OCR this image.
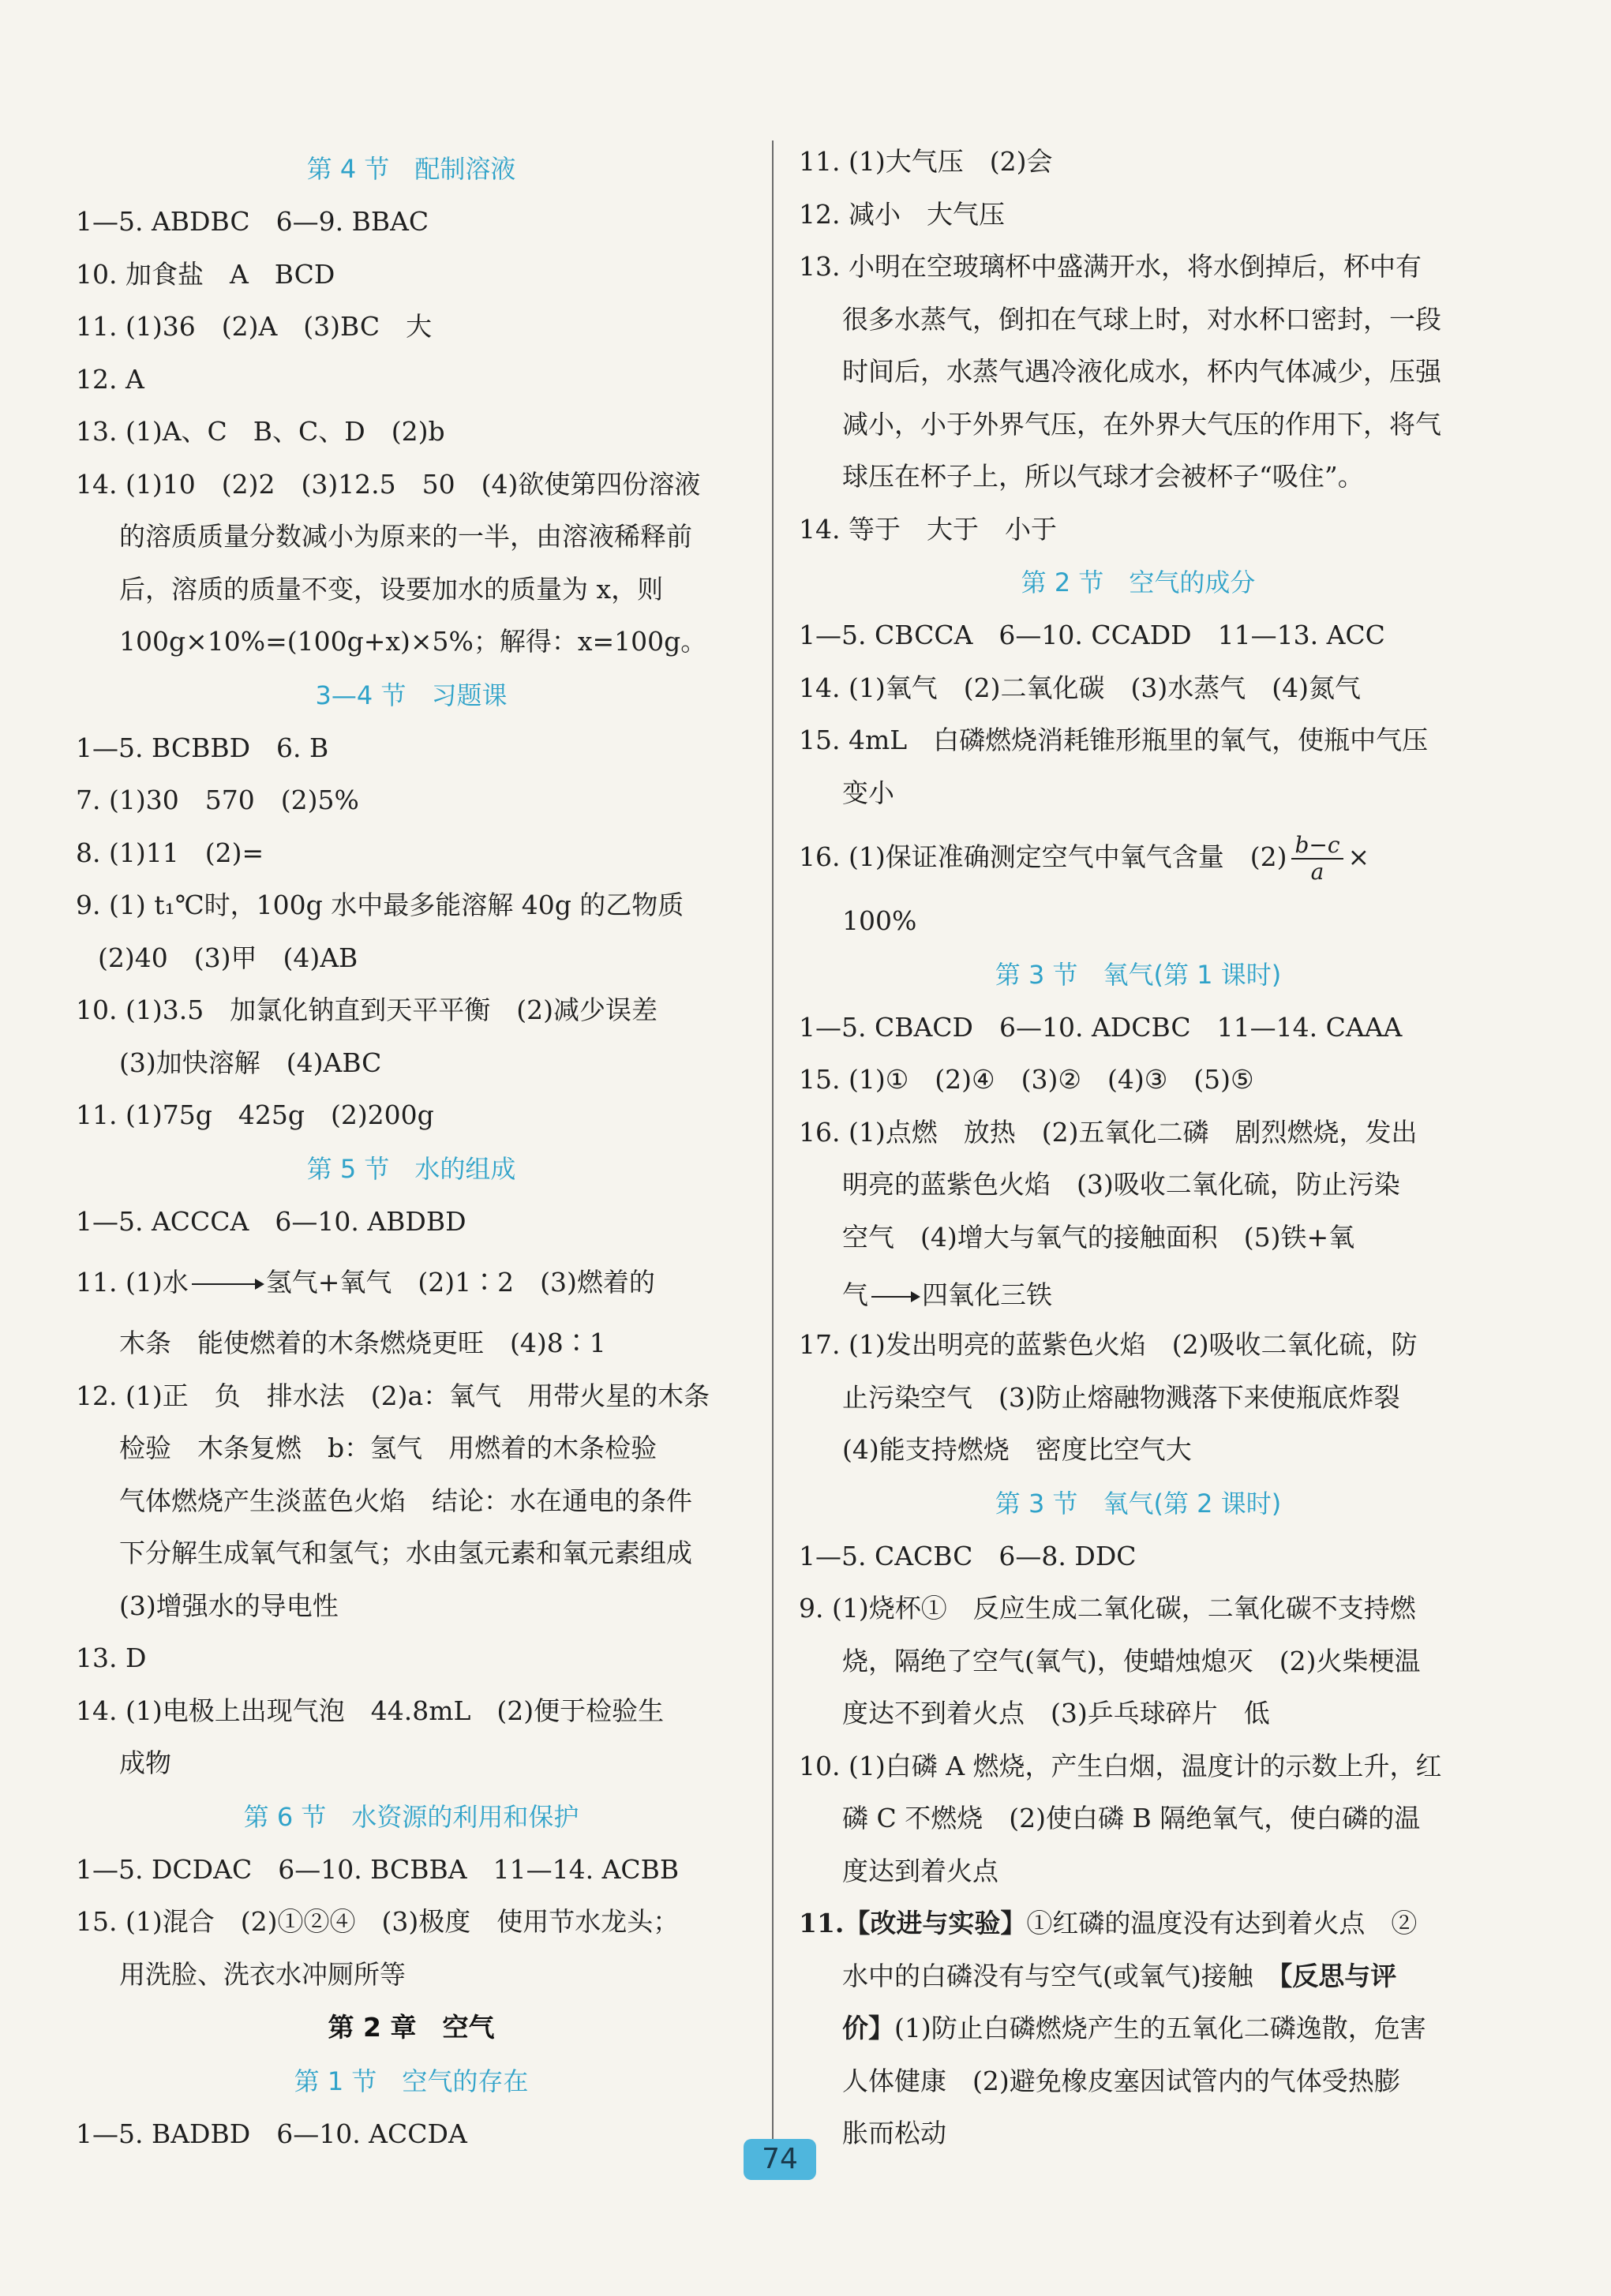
第 4 节　配制溶液
1—5. ABDBC　6—9. BBAC
10. 加食盐　A　BCD
11. (1)36　(2)A　(3)BC　大
12. A
13. (1)A、C　B、C、D　(2)b
14. (1)10　(2)2　(3)12.5　50　(4)欲使第四份溶液
的溶质质量分数减小为原来的一半，由溶液稀释前
后，溶质的质量不变，设要加水的质量为 x，则
100g×10%=(100g+x)×5%；解得：x=100g。
3—4 节　习题课
1—5. BCBBD　6. B
7. (1)30　570　(2)5%
8. (1)11　(2)=
9. (1) t₁℃时，100g 水中最多能溶解 40g 的乙物质
(2)40　(3)甲　(4)AB
10. (1)3.5　加氯化钠直到天平平衡　(2)减少误差
(3)加快溶解　(4)ABC
11. (1)75g　425g　(2)200g
第 5 节　水的组成
1—5. ACCCA　6—10. ABDBD
11. (1)水	氢气+氧气　(2)1∶2　(3)燃着的
木条　能使燃着的木条燃烧更旺　(4)8∶1
12. (1)正　负　排水法　(2)a：氧气　用带火星的木条
检验　木条复燃　b：氢气　用燃着的木条检验
气体燃烧产生淡蓝色火焰　结论：水在通电的条件
下分解生成氧气和氢气；水由氢元素和氧元素组成
(3)增强水的导电性
13. D
14. (1)电极上出现气泡　44.8mL　(2)便于检验生
成物
第 6 节　水资源的利用和保护
1—5. DCDAC　6—10. BCBBA　11—14. ACBB
15. (1)混合　(2)①②④　(3)极度　使用节水龙头；
用洗脸、洗衣水冲厕所等
第 2 章　空气
第 1 节　空气的存在
1—5. BADBD　6—10. ACCDA
11. (1)大气压　(2)会
12. 减小　大气压
13. 小明在空玻璃杯中盛满开水，将水倒掉后，杯中有
很多水蒸气，倒扣在气球上时，对水杯口密封，一段
时间后，水蒸气遇冷液化成水，杯内气体减少，压强
减小，小于外界气压，在外界大气压的作用下，将气
球压在杯子上，所以气球才会被杯子“吸住”。
14. 等于　大于　小于
第 2 节　空气的成分
1—5. CBCCA　6—10. CCADD　11—13. ACC
14. (1)氧气　(2)二氧化碳　(3)水蒸气　(4)氮气
15. 4mL　白磷燃烧消耗锥形瓶里的氧气，使瓶中气压
变小
16. (1)保证准确测定空气中氧气含量　$(2) \frac{b-c}{a}$ ×
100%
第 3 节　氧气(第 1 课时)
1—5. CBACD　6—10. ADCBC　11—14. CAAA
15. (1)①　(2)④　(3)②　(4)③　(5)⑤
16. (1)点燃　放热　(2)五氧化二磷　剧烈燃烧，发出
明亮的蓝紫色火焰　(3)吸收二氧化硫，防止污染
空气　(4)增大与氧气的接触面积　(5)铁+氧
气 四氧化三铁
17. (1)发出明亮的蓝紫色火焰　(2)吸收二氧化硫，防
止污染空气　(3)防止熔融物溅落下来使瓶底炸裂
(4)能支持燃烧　密度比空气大
第 3 节　氧气(第 2 课时)
1—5. CACBC　6—8. DDC
9. (1)烧杯①　反应生成二氧化碳，二氧化碳不支持燃
烧，隔绝了空气(氧气)，使蜡烛熄灭　(2)火柴梗温
度达不到着火点　(3)乒乓球碎片　低
10. (1)白磷 A 燃烧，产生白烟，温度计的示数上升，红
磷 C 不燃烧　(2)使白磷 B 隔绝氧气，使白磷的温
度达到着火点
11.【改进与实验】①红磷的温度没有达到着火点　②
水中的白磷没有与空气(或氧气)接触　【反思与评
价】(1)防止白磷燃烧产生的五氧化二磷逸散，危害
人体健康　(2)避免橡皮塞因试管内的气体受热膨
胀而松动
74
